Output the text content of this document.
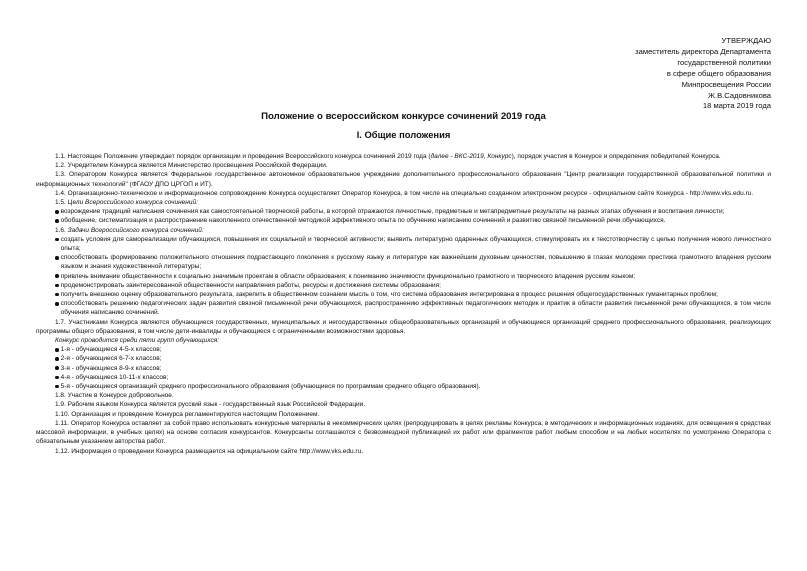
УТВЕРЖДАЮ
заместитель директора Департамента
государственной политики
в сфере общего образования
Минпросвещения России
Ж.В.Садовникова
18 марта 2019 года
Положение о всероссийском конкурсе сочинений 2019 года
I. Общие положения

1.1. Настоящее Положение утверждает порядок организации и проведения Всероссийского конкурса сочинений 2019 года (далее - ВКС-2019, Конкурс), порядок участия в Конкурсе и определения победителей Конкурса.

1.2. Учредителем Конкурса является Министерство просвещения Российской Федерации.

1.3. Оператором Конкурса является Федеральное государственное автономное образовательное учреждение дополнительного профессионального образования "Центр реализации государственной образовательной политики и информационных технологий" (ФГАОУ ДПО ЦРГОП и ИТ).

1.4. Организационно-техническое и информационное сопровождение Конкурса осуществляет Оператор Конкурса, в том числе на специально созданном электронном ресурсе - официальном сайте Конкурса - http://www.vks.edu.ru.

1.5. Цели Всероссийского конкурса сочинений:

возрождение традиций написания сочинения как самостоятельной творческой работы, в которой отражаются личностные, предметные и метапредметные результаты на разных этапах обучения и воспитания личности;
обобщение, систематизация и распространение накопленного отечественной методикой эффективного опыта по обучению написанию сочинений и развитию связной письменной речи обучающихся.

1.6. Задачи Всероссийского конкурса сочинений:

создать условия для самореализации обучающихся, повышения их социальной и творческой активности; выявить литературно одаренных обучающихся, стимулировать их к текстотворчеству с целью получения нового личностного опыта;
способствовать формированию положительного отношения подрастающего поколения к русскому языку и литературе как важнейшим духовным ценностям, повышению в глазах молодежи престижа грамотного владения русским языком и знания художественной литературы;
привлечь внимание общественности к социально значимым проектам в области образования; к пониманию значимости функционально грамотного и творческого владения русским языком;
продемонстрировать заинтересованной общественности направления работы, ресурсы и достижения системы образования;
получить внешнюю оценку образовательного результата, закрепить в общественном сознании мысль о том, что система образования интегрирована в процесс решения общегосударственных гуманитарных проблем;
способствовать решению педагогических задач развития связной письменной речи обучающихся, распространению эффективных педагогических методик и практик в области развития письменной речи обучающихся, в том числе обучения написанию сочинений.

1.7. Участниками Конкурса являются обучающиеся государственных, муниципальных и негосударственных общеобразовательных организаций и обучающиеся организаций среднего профессионального образования, реализующих программы общего образования, в том числе дети-инвалиды и обучающиеся с ограниченными возможностями здоровья.

Конкурс проводится среди пяти групп обучающихся:

1-я - обучающиеся 4-5-х классов;
2-я - обучающиеся 6-7-х классов;
3-я - обучающиеся 8-9-х классов;
4-я - обучающиеся 10-11-х классов;
5-я - обучающиеся организаций среднего профессионального образования (обучающиеся по программам среднего общего образования).

1.8. Участие в Конкурсе добровольное.

1.9. Рабочим языком Конкурса является русский язык - государственный язык Российской Федерации.

1.10. Организация и проведение Конкурса регламентируются настоящим Положением.

1.11. Оператор Конкурса оставляет за собой право использовать конкурсные материалы в некоммерческих целях (репродуцировать в целях рекламы Конкурса, в методических и информационных изданиях, для освещения в средствах массовой информации, в учебных целях) на основе согласия конкурсантов. Конкурсанты соглашаются с безвозмездной публикацией их работ или фрагментов работ любым способом и на любых носителях по усмотрению Оператора с обязательным указанием авторства работ.

1.12. Информация о проведении Конкурса размещается на официальном сайте http://www.vks.edu.ru.
